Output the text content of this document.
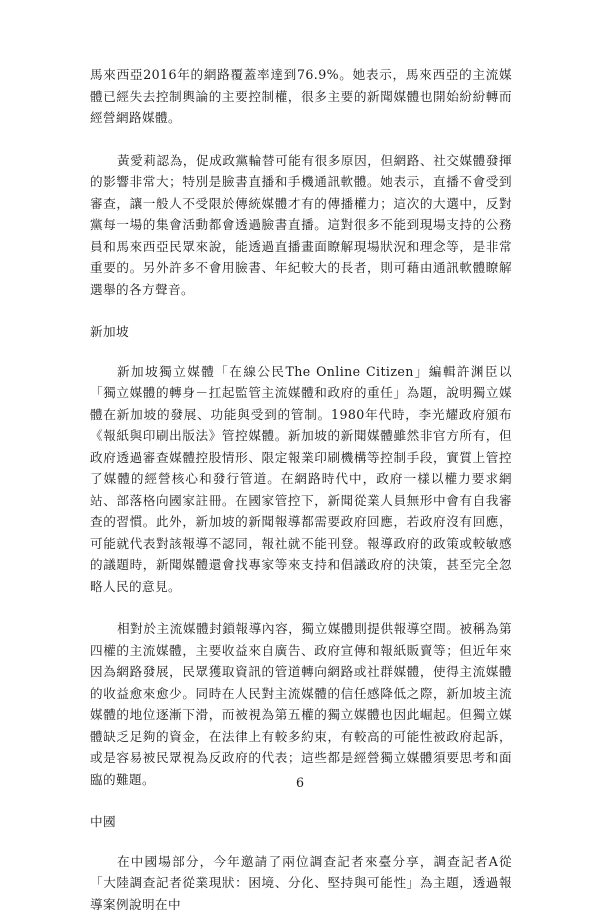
馬來西亞2016年的網路覆蓋率達到76.9%。她表示，馬來西亞的主流媒體已經失去控制輿論的主要控制權，很多主要的新聞媒體也開始紛紛轉而經營網路媒體。

黃愛莉認為，促成政黨輪替可能有很多原因，但網路、社交媒體發揮的影響非常大；特別是臉書直播和手機通訊軟體。她表示，直播不會受到審查，讓一般人不受限於傳統媒體才有的傳播權力；這次的大選中，反對黨每一場的集會活動都會透過臉書直播。這對很多不能到現場支持的公務員和馬來西亞民眾來說，能透過直播畫面瞭解現場狀況和理念等，是非常重要的。另外許多不會用臉書、年紀較大的長者，則可藉由通訊軟體瞭解選舉的各方聲音。

新加坡

新加坡獨立媒體「在線公民The Online Citizen」編輯許渊臣以「獨立媒體的轉身－扛起監管主流媒體和政府的重任」為題，說明獨立媒體在新加坡的發展、功能與受到的管制。1980年代時，李光耀政府頒布《報紙與印刷出版法》管控媒體。新加坡的新聞媒體雖然非官方所有，但政府透過審查媒體控股情形、限定報業印刷機構等控制手段，實質上管控了媒體的經營核心和發行管道。在網路時代中，政府一樣以權力要求網站、部落格向國家註冊。在國家管控下，新聞從業人員無形中會有自我審查的習慣。此外，新加坡的新聞報導都需要政府回應，若政府沒有回應，可能就代表對該報導不認同，報社就不能刊登。報導政府的政策或較敏感的議題時，新聞媒體還會找專家等來支持和倡議政府的決策，甚至完全忽略人民的意見。

相對於主流媒體封鎖報導內容，獨立媒體則提供報導空間。被稱為第四權的主流媒體，主要收益來自廣告、政府宣傳和報紙販賣等；但近年來因為網路發展，民眾獲取資訊的管道轉向網路或社群媒體，使得主流媒體的收益愈來愈少。同時在人民對主流媒體的信任感降低之際，新加坡主流媒體的地位逐漸下滑，而被視為第五權的獨立媒體也因此崛起。但獨立媒體缺乏足夠的資金，在法律上有較多約束，有較高的可能性被政府起訴，或是容易被民眾視為反政府的代表；這些都是經營獨立媒體須要思考和面臨的難題。

中國

在中國場部分，今年邀請了兩位調查記者來臺分享，調查記者A從「大陸調查記者從業現狀：困境、分化、堅持與可能性」為主題，透過報導案例說明在中

6
